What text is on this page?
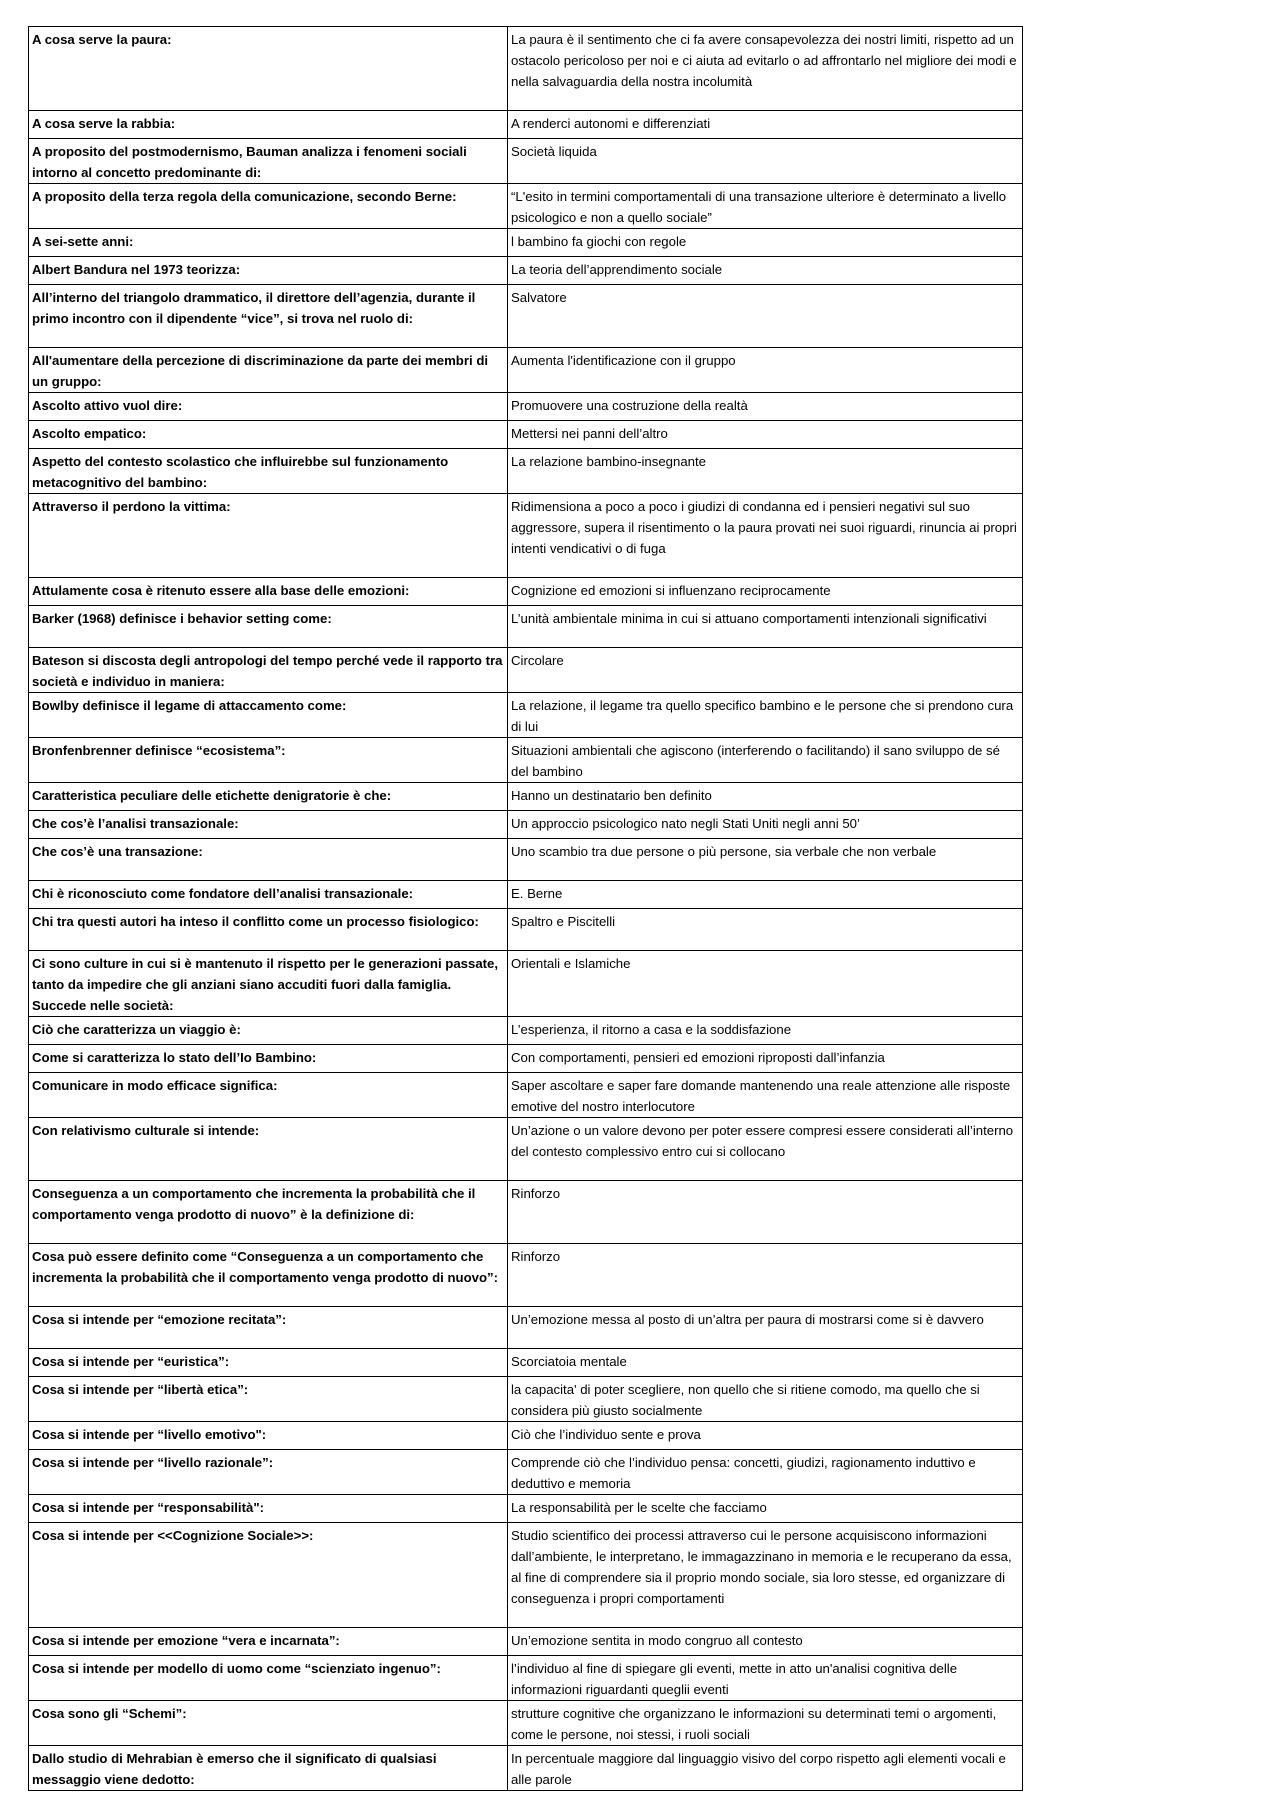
A cosa serve la paura:	La paura è il sentimento che ci fa avere consapevolezza dei nostri limiti, rispetto ad un ostacolo pericoloso per noi e ci aiuta ad evitarlo o ad affrontarlo nel migliore dei modi e nella salvaguardia della nostra incolumità
A cosa serve la rabbia:	A renderci autonomi e differenziati
A proposito del postmodernismo, Bauman analizza i fenomeni sociali intorno al concetto predominante di:	Società liquida
A proposito della terza regola della comunicazione, secondo Berne:	“L'esito in termini comportamentali di una transazione ulteriore è determinato a livello psicologico e non a quello sociale”
A sei-sette anni:	l bambino fa giochi con regole
Albert Bandura nel 1973 teorizza:	La teoria dell’apprendimento sociale
All’interno del triangolo drammatico, il direttore dell’agenzia, durante il primo incontro con il dipendente “vice”, si trova nel ruolo di:	Salvatore
All'aumentare della percezione di discriminazione da parte dei membri di un gruppo:	Aumenta l'identificazione con il gruppo
Ascolto attivo vuol dire:	Promuovere una costruzione della realtà
Ascolto empatico:	Mettersi nei panni dell’altro
Aspetto del contesto scolastico che influirebbe sul funzionamento metacognitivo del bambino:	La relazione bambino-insegnante
Attraverso il perdono la vittima:	Ridimensiona a poco a poco i giudizi di condanna ed i pensieri negativi sul suo aggressore, supera il risentimento o la paura provati nei suoi riguardi, rinuncia ai propri intenti vendicativi o di fuga
Attulamente cosa è ritenuto essere alla base delle emozioni:	Cognizione ed emozioni si influenzano reciprocamente
Barker (1968) definisce i behavior setting come:	L’unità ambientale minima in cui si attuano comportamenti intenzionali significativi
Bateson si discosta degli antropologi del tempo perché vede il rapporto tra società e individuo in maniera:	Circolare
Bowlby definisce il legame di attaccamento come:	La relazione, il legame tra quello specifico bambino e le persone che si prendono cura di lui
Bronfenbrenner definisce “ecosistema”:	Situazioni ambientali che agiscono (interferendo o facilitando) il sano sviluppo de sé del bambino
Caratteristica peculiare delle etichette denigratorie è che:	Hanno un destinatario ben definito
Che cos’è l’analisi transazionale:	Un approccio psicologico nato negli Stati Uniti negli anni 50’
Che cos’è una transazione:	Uno scambio tra due persone o più persone, sia verbale che non verbale
Chi è riconosciuto come fondatore dell’analisi transazionale:	E. Berne
Chi tra questi autori ha inteso il conflitto come un processo fisiologico:	Spaltro e Piscitelli
Ci sono culture in cui si è mantenuto il rispetto per le generazioni passate, tanto da impedire che gli anziani siano accuditi fuori dalla famiglia. Succede nelle società:	Orientali e Islamiche
Ciò che caratterizza un viaggio è:	L’esperienza, il ritorno a casa e la soddisfazione
Come si caratterizza lo stato dell’Io Bambino:	Con comportamenti, pensieri ed emozioni riproposti dall’infanzia
Comunicare in modo efficace significa:	Saper ascoltare e saper fare domande mantenendo una reale attenzione alle risposte emotive del nostro interlocutore
Con relativismo culturale si intende:	Un’azione o un valore devono per poter essere compresi essere considerati all’interno del contesto complessivo entro cui si collocano
Conseguenza a un comportamento che incrementa la probabilità che il comportamento venga prodotto di nuovo” è la definizione di:	Rinforzo
Cosa può essere definito come “Conseguenza a un comportamento che incrementa la probabilità che il comportamento venga prodotto di nuovo”:	Rinforzo
Cosa si intende per “emozione recitata”:	Un’emozione messa al posto di un’altra per paura di mostrarsi come si è davvero
Cosa si intende per “euristica”:	Scorciatoia mentale
Cosa si intende per “libertà etica”:	la capacita' di poter scegliere, non quello che si ritiene comodo, ma quello che si considera più giusto socialmente
Cosa si intende per “livello emotivo":	Ciò che l’individuo sente e prova
Cosa si intende per “livello razionale”:	Comprende ciò che l’individuo pensa: concetti, giudizi, ragionamento induttivo e deduttivo e memoria
Cosa si intende per “responsabilità":	La responsabilità per le scelte che facciamo
Cosa si intende per <<Cognizione Sociale>>:	Studio scientifico dei processi attraverso cui le persone acquisiscono informazioni dall’ambiente, le interpretano, le immagazzinano in memoria e le recuperano da essa, al fine di comprendere sia il proprio mondo sociale, sia loro stesse, ed organizzare di conseguenza i propri comportamenti
Cosa si intende per emozione “vera e incarnata”:	Un’emozione sentita in modo congruo all contesto
Cosa si intende per modello di uomo come “scienziato ingenuo”:	l’individuo al fine di spiegare gli eventi, mette in atto un'analisi cognitiva delle informazioni riguardanti queglii eventi
Cosa sono gli “Schemi”:	strutture cognitive che organizzano le informazioni su determinati temi o argomenti, come le persone, noi stessi, i ruoli sociali
Dallo studio di Mehrabian è emerso che il significato di qualsiasi messaggio viene dedotto:	In percentuale maggiore dal linguaggio visivo del corpo rispetto agli elementi vocali e alle parole
